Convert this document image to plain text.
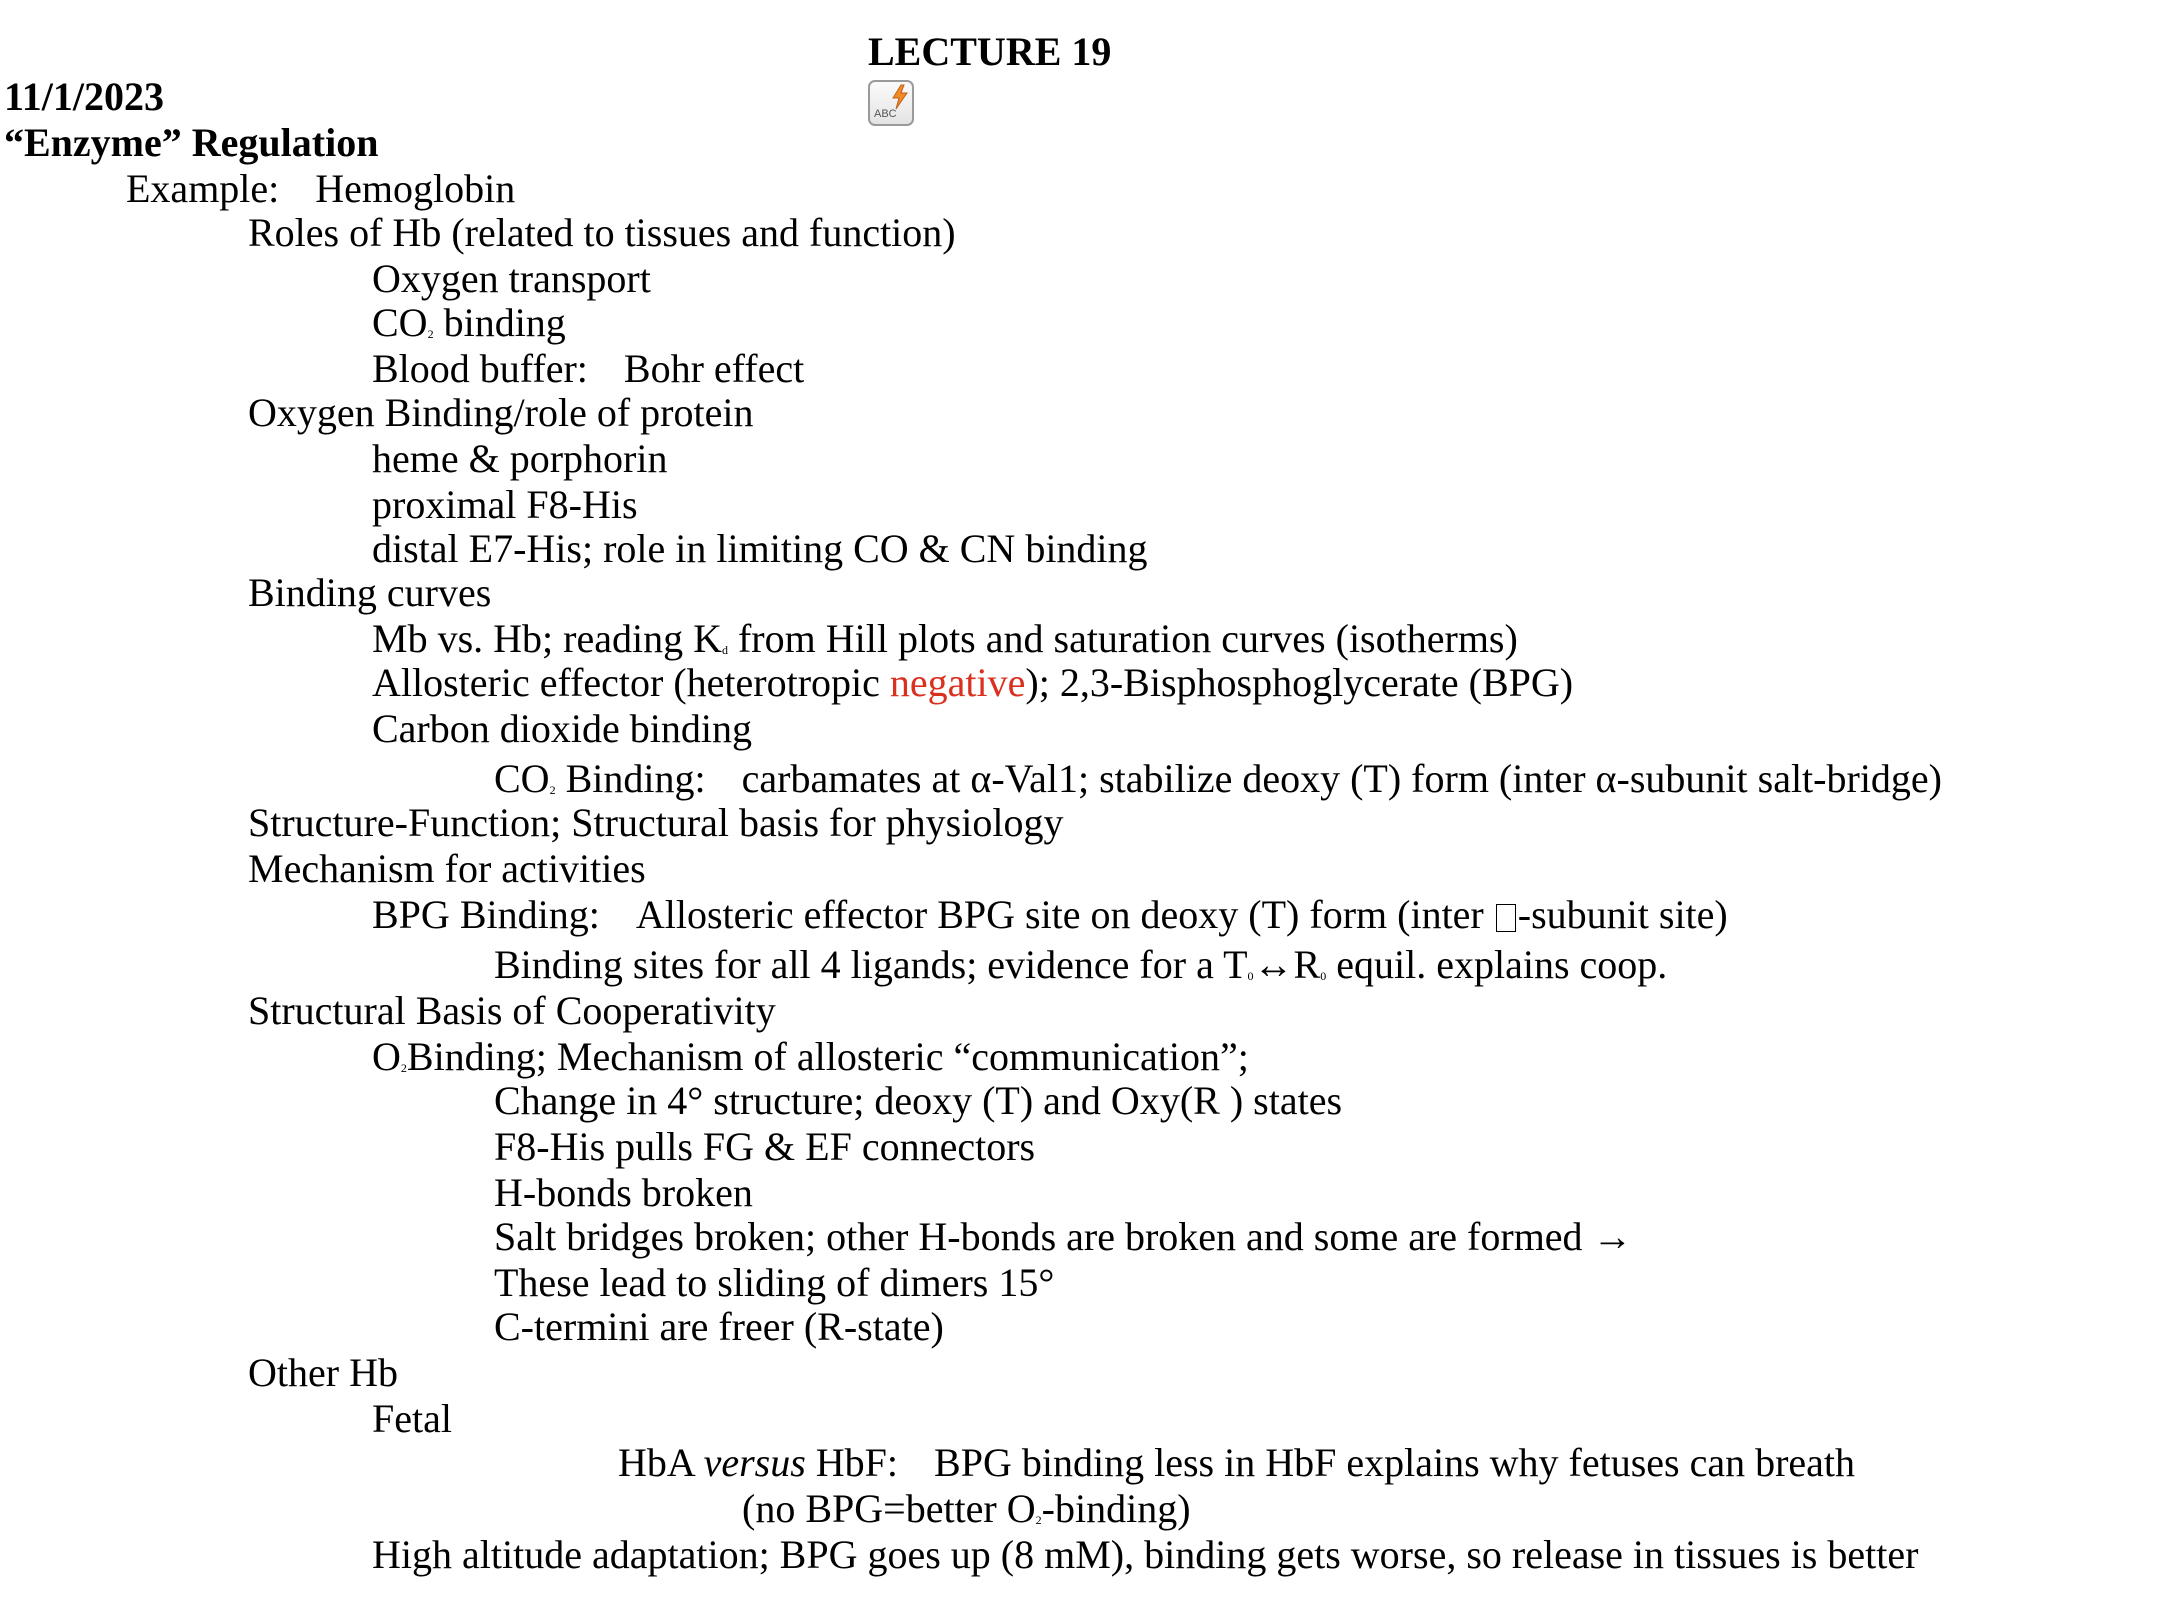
LECTURE 19
ABC
11/1/2023
“Enzyme” Regulation
Example: Hemoglobin
Roles of Hb (related to tissues and function)
Oxygen transport
CO2 binding
Blood buffer: Bohr effect
Oxygen Binding/role of protein
heme & porphorin
proximal F8-His
distal E7-His; role in limiting CO & CN binding
Binding curves
Mb vs. Hb; reading Kd from Hill plots and saturation curves (isotherms)
Allosteric effector (heterotropic negative); 2,3-Bisphosphoglycerate (BPG)
Carbon dioxide binding
CO2 Binding: carbamates at α-Val1; stabilize deoxy (T) form (inter α-subunit salt-bridge)
Structure-Function; Structural basis for physiology
Mechanism for activities
BPG Binding: Allosteric effector BPG site on deoxy (T) form (inter -subunit site)
Binding sites for all 4 ligands; evidence for a T0↔R0 equil. explains coop.
Structural Basis of Cooperativity
O2Binding; Mechanism of allosteric “communication”;
Change in 4° structure; deoxy (T) and Oxy(R ) states
F8-His pulls FG & EF connectors
H-bonds broken
Salt bridges broken; other H-bonds are broken and some are formed →
These lead to sliding of dimers 15°
C-termini are freer (R-state)
Other Hb
Fetal
HbA versus HbF: BPG binding less in HbF explains why fetuses can breath
(no BPG=better O2-binding)
High altitude adaptation; BPG goes up (8 mM), binding gets worse, so release in tissues is better
